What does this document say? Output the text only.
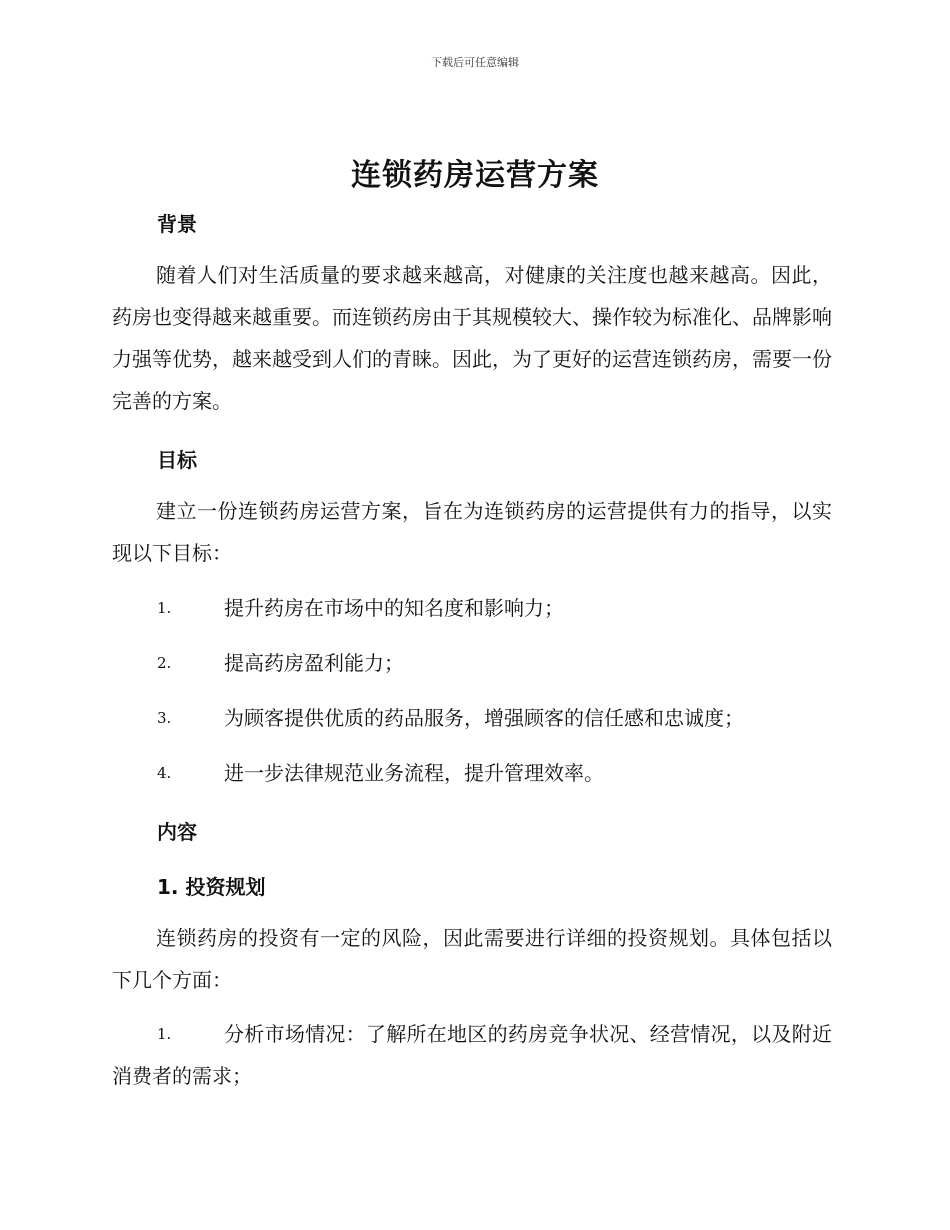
下载后可任意编辑
连锁药房运营方案
背景
随着人们对生活质量的要求越来越高，对健康的关注度也越来越高。因此，药房也变得越来越重要。而连锁药房由于其规模较大、操作较为标准化、品牌影响力强等优势，越来越受到人们的青睐。因此，为了更好的运营连锁药房，需要一份完善的方案。
目标
建立一份连锁药房运营方案，旨在为连锁药房的运营提供有力的指导，以实现以下目标：
1.	提升药房在市场中的知名度和影响力；
2.	提高药房盈利能力；
3.	为顾客提供优质的药品服务，增强顾客的信任感和忠诚度；
4.	进一步法律规范业务流程，提升管理效率。
内容
1. 投资规划
连锁药房的投资有一定的风险，因此需要进行详细的投资规划。具体包括以下几个方面：
1.	分析市场情况：了解所在地区的药房竞争状况、经营情况，以及附近消费者的需求；
